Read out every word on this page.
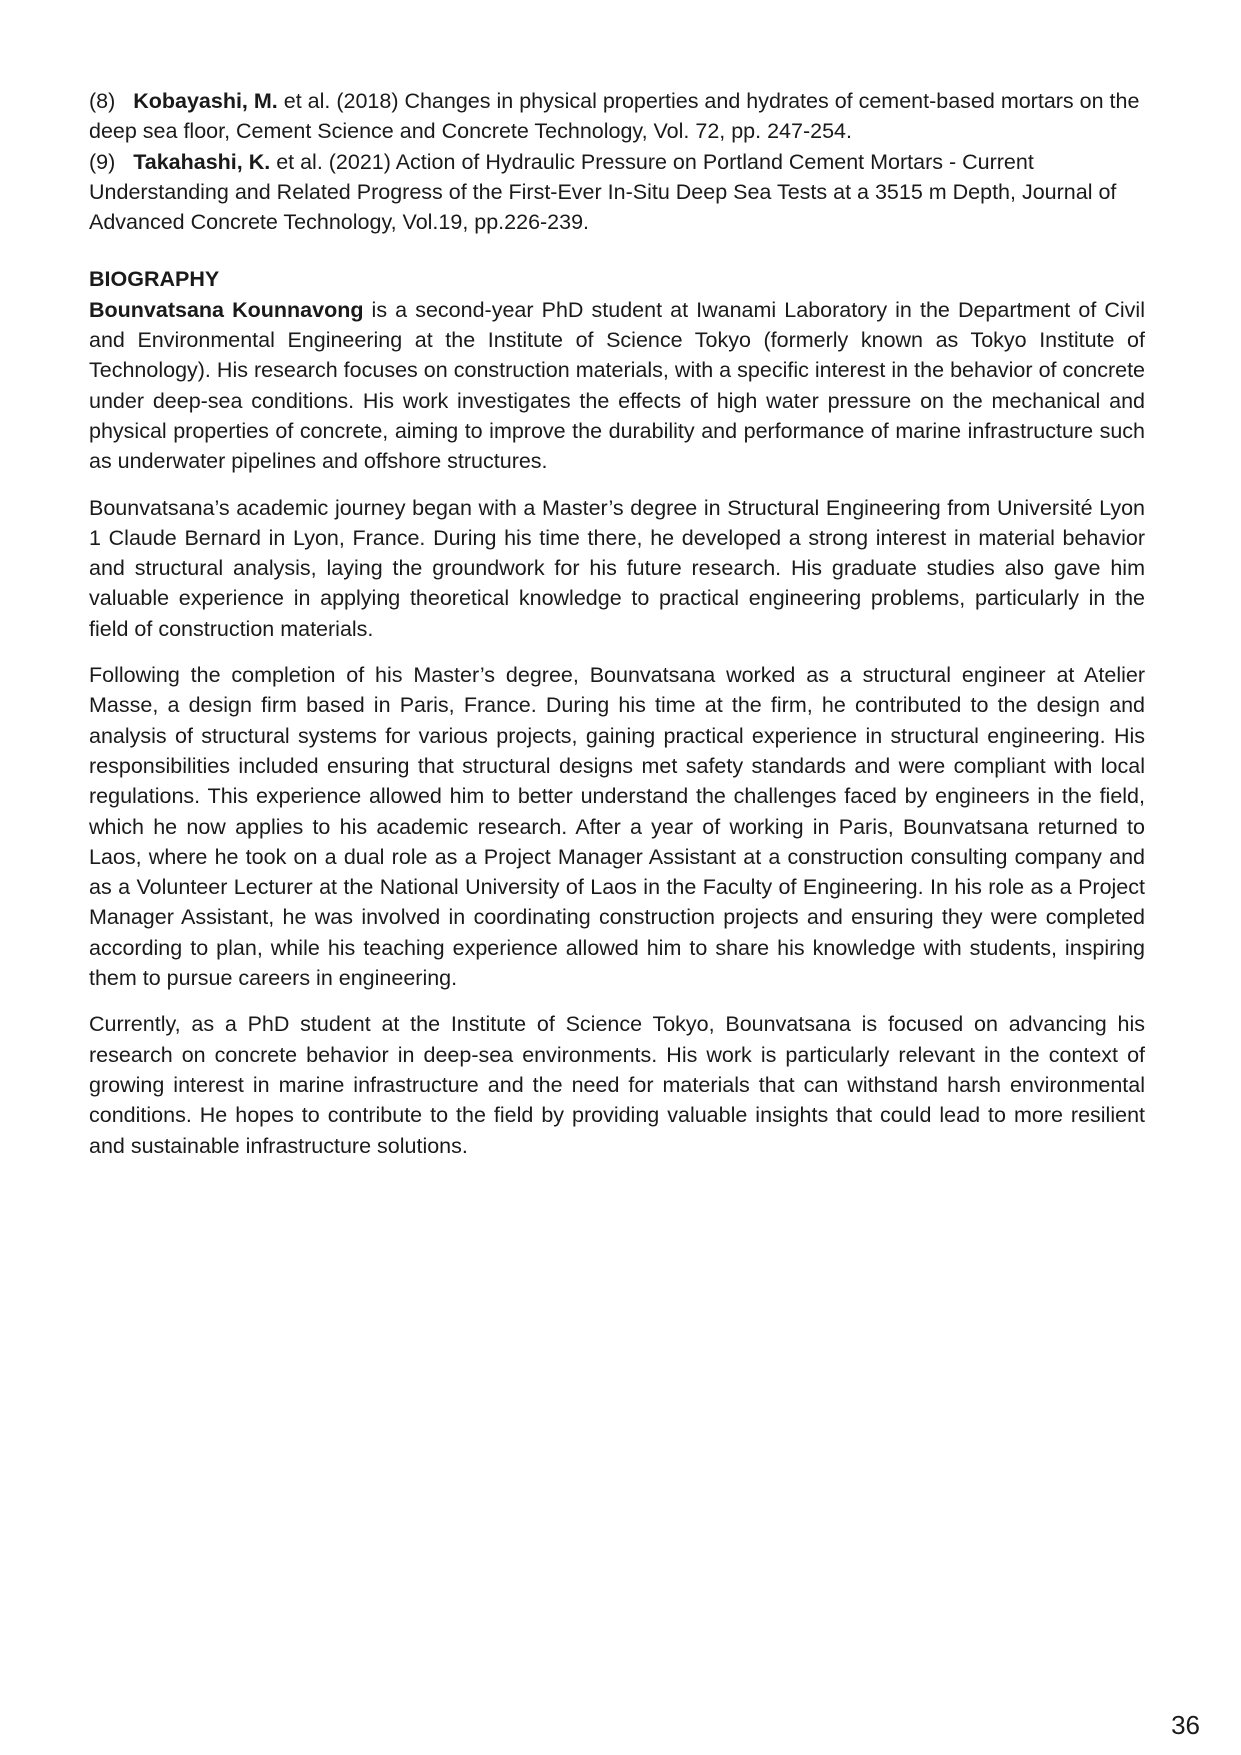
(8) Kobayashi, M. et al. (2018) Changes in physical properties and hydrates of cement-based mortars on the deep sea floor, Cement Science and Concrete Technology, Vol. 72, pp. 247-254.

(9) Takahashi, K. et al. (2021) Action of Hydraulic Pressure on Portland Cement Mortars - Current Understanding and Related Progress of the First-Ever In-Situ Deep Sea Tests at a 3515 m Depth, Journal of Advanced Concrete Technology, Vol.19, pp.226-239.

BIOGRAPHY

Bounvatsana Kounnavong is a second-year PhD student at Iwanami Laboratory in the Department of Civil and Environmental Engineering at the Institute of Science Tokyo (formerly known as Tokyo Institute of Technology). His research focuses on construction materials, with a specific interest in the behavior of concrete under deep-sea conditions. His work investigates the effects of high water pressure on the mechanical and physical properties of concrete, aiming to improve the durability and performance of marine infrastructure such as underwater pipelines and offshore structures.

Bounvatsana’s academic journey began with a Master’s degree in Structural Engineering from Université Lyon 1 Claude Bernard in Lyon, France. During his time there, he developed a strong interest in material behavior and structural analysis, laying the groundwork for his future research. His graduate studies also gave him valuable experience in applying theoretical knowledge to practical engineering problems, particularly in the field of construction materials.

Following the completion of his Master’s degree, Bounvatsana worked as a structural engineer at Atelier Masse, a design firm based in Paris, France. During his time at the firm, he contributed to the design and analysis of structural systems for various projects, gaining practical experience in structural engineering. His responsibilities included ensuring that structural designs met safety standards and were compliant with local regulations. This experience allowed him to better understand the challenges faced by engineers in the field, which he now applies to his academic research. After a year of working in Paris, Bounvatsana returned to Laos, where he took on a dual role as a Project Manager Assistant at a construction consulting company and as a Volunteer Lecturer at the National University of Laos in the Faculty of Engineering. In his role as a Project Manager Assistant, he was involved in coordinating construction projects and ensuring they were completed according to plan, while his teaching experience allowed him to share his knowledge with students, inspiring them to pursue careers in engineering.

Currently, as a PhD student at the Institute of Science Tokyo, Bounvatsana is focused on advancing his research on concrete behavior in deep-sea environments. His work is particularly relevant in the context of growing interest in marine infrastructure and the need for materials that can withstand harsh environmental conditions. He hopes to contribute to the field by providing valuable insights that could lead to more resilient and sustainable infrastructure solutions.

36
